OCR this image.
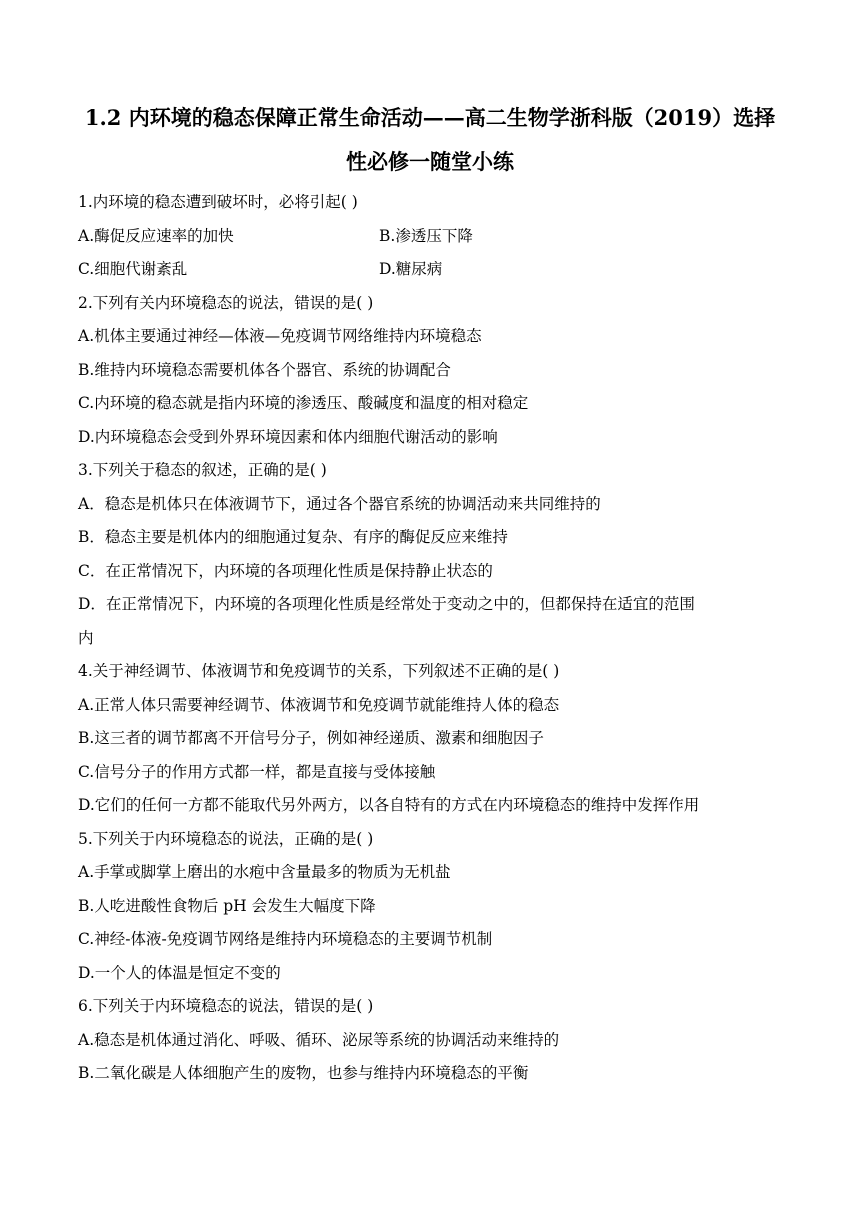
1.2 内环境的稳态保障正常生命活动——高二生物学浙科版（2019）选择
性必修一随堂小练
1.内环境的稳态遭到破坏时，必将引起( )
A.酶促反应速率的加快	B.渗透压下降
C.细胞代谢紊乱	D.糖尿病
2.下列有关内环境稳态的说法，错误的是( )
A.机体主要通过神经—体液—免疫调节网络维持内环境稳态
B.维持内环境稳态需要机体各个器官、系统的协调配合
C.内环境的稳态就是指内环境的渗透压、酸碱度和温度的相对稳定
D.内环境稳态会受到外界环境因素和体内细胞代谢活动的影响
3.下列关于稳态的叙述，正确的是( )
A．稳态是机体只在体液调节下，通过各个器官系统的协调活动来共同维持的
B．稳态主要是机体内的细胞通过复杂、有序的酶促反应来维持
C．在正常情况下，内环境的各项理化性质是保持静止状态的
D．在正常情况下，内环境的各项理化性质是经常处于变动之中的，但都保持在适宜的范围
内
4.关于神经调节、体液调节和免疫调节的关系，下列叙述不正确的是( )
A.正常人体只需要神经调节、体液调节和免疫调节就能维持人体的稳态
B.这三者的调节都离不开信号分子，例如神经递质、激素和细胞因子
C.信号分子的作用方式都一样，都是直接与受体接触
D.它们的任何一方都不能取代另外两方，以各自特有的方式在内环境稳态的维持中发挥作用
5.下列关于内环境稳态的说法，正确的是( )
A.手掌或脚掌上磨出的水疱中含量最多的物质为无机盐
B.人吃进酸性食物后 pH 会发生大幅度下降
C.神经-体液-免疫调节网络是维持内环境稳态的主要调节机制
D.一个人的体温是恒定不变的
6.下列关于内环境稳态的说法，错误的是( )
A.稳态是机体通过消化、呼吸、循环、泌尿等系统的协调活动来维持的
B.二氧化碳是人体细胞产生的废物，也参与维持内环境稳态的平衡
